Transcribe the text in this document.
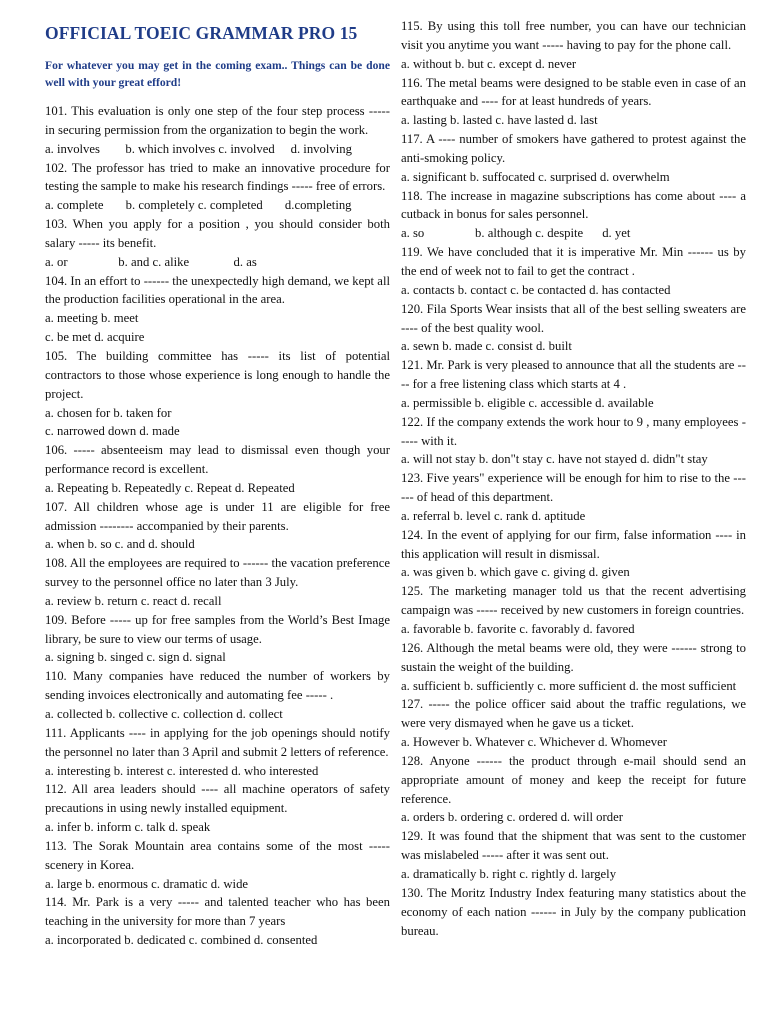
OFFICIAL TOEIC GRAMMAR PRO 15
For whatever you may get in the coming exam.. Things can be done well with your great efford!
101. This evaluation is only one step of the four step process ----- in securing permission from the organization to begin the work.
a. involves        b. which involves c. involved     d. involving
102. The professor has tried to make an innovative procedure for testing the sample to make his research findings ----- free of errors.
a. complete       b. completely c. completed       d.completing
103. When you apply for a position , you should consider both salary ----- its benefit.
a. or                b. and c. alike              d. as
104. In an effort to ------ the unexpectedly high demand, we kept all the production facilities operational in the area.
a. meeting b. meet
c. be met d. acquire
105. The building committee has ----- its list of potential contractors to those whose experience is long enough to handle the project.
a. chosen for b. taken for
c. narrowed down d. made
106. ----- absenteeism may lead to dismissal even though your performance record is excellent.
a. Repeating b. Repeatedly c. Repeat d. Repeated
107. All children whose age is under 11 are eligible for free admission -------- accompanied by their parents.
a. when b. so c. and d. should
108. All the employees are required to ------ the vacation preference survey to the personnel office no later than 3 July.
a. review b. return c. react d. recall
109. Before ----- up for free samples from the World’s Best Image library, be sure to view our terms of usage.
a. signing b. singed c. sign d. signal
110. Many companies have reduced the number of workers by sending invoices electronically and automating fee ----- .
a. collected b. collective c. collection d. collect
111. Applicants ---- in applying for the job openings should notify the personnel no later than 3 April and submit 2 letters of reference.
a. interesting b. interest c. interested d. who interested
112. All area leaders should ---- all machine operators of safety precautions in using newly installed equipment.
a. infer b. inform c. talk d. speak
113. The Sorak Mountain area contains some of the most ----- scenery in Korea.
a. large b. enormous c. dramatic d. wide
114. Mr. Park is a very ----- and talented teacher who has been teaching in the university for more than 7 years
a. incorporated b. dedicated c. combined d. consented
115. By using this toll free number, you can have our technician visit you anytime you want ----- having to pay for the phone call.
a. without b. but c. except d. never
116. The metal beams were designed to be stable even in case of an earthquake and ---- for at least hundreds of years.
a. lasting b. lasted c. have lasted d. last
117. A ---- number of smokers have gathered to protest against the anti-smoking policy.
a. significant b. suffocated c. surprised d. overwhelm
118. The increase in magazine subscriptions has come about ---- a cutback in bonus for sales personnel.
a. so                b. although c. despite      d. yet
119. We have concluded that it is imperative Mr. Min ------ us by the end of week not to fail to get the contract .
a. contacts b. contact c. be contacted d. has contacted
120. Fila Sports Wear insists that all of the best selling sweaters are ---- of the best quality wool.
a. sewn b. made c. consist d. built
121. Mr. Park is very pleased to announce that all the students are ---- for a free listening class which starts at 4 .
a. permissible b. eligible c. accessible d. available
122. If the company extends the work hour to 9 , many employees ----- with it.
a. will not stay b. don"t stay c. have not stayed d. didn"t stay
123. Five years" experience will be enough for him to rise to the ------ of head of this department.
a. referral b. level c. rank d. aptitude
124. In the event of applying for our firm, false information ---- in this application will result in dismissal.
a. was given b. which gave c. giving d. given
125. The marketing manager told us that the recent advertising campaign was ----- received by new customers in foreign countries.
a. favorable b. favorite c. favorably d. favored
126. Although the metal beams were old, they were ------ strong to sustain the weight of the building.
a. sufficient b. sufficiently c. more sufficient d. the most sufficient
127. ----- the police officer said about the traffic regulations, we were very dismayed when he gave us a ticket.
a. However b. Whatever c. Whichever d. Whomever
128. Anyone ------ the product through e-mail should send an appropriate amount of money and keep the receipt for future reference.
a. orders b. ordering c. ordered d. will order
129. It was found that the shipment that was sent to the customer was mislabeled ----- after it was sent out.
a. dramatically b. right c. rightly d. largely
130. The Moritz Industry Index featuring many statistics about the economy of each nation ------ in July by the company publication bureau.
